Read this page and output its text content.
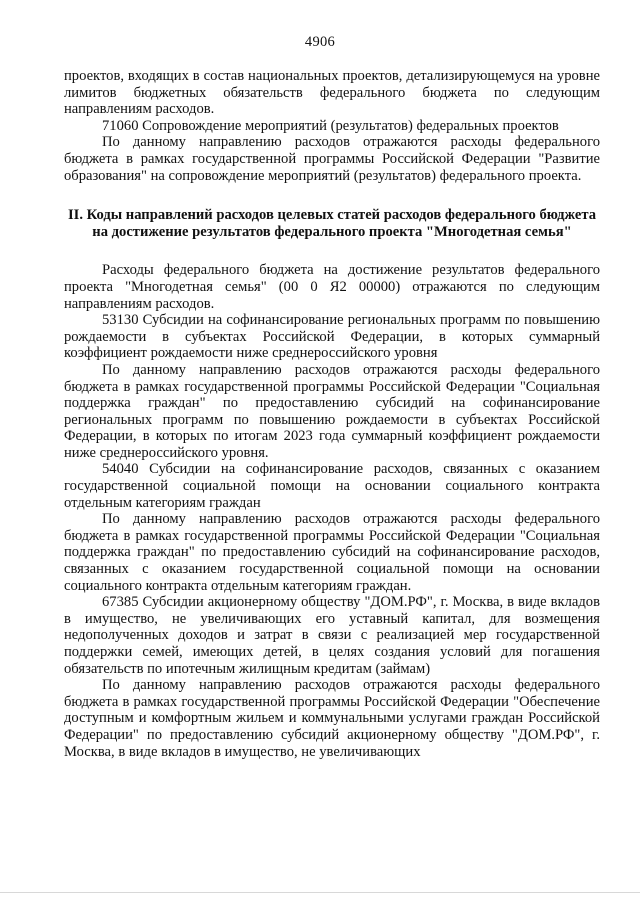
4906

проектов, входящих в состав национальных проектов, детализирующемуся на уровне лимитов бюджетных обязательств федерального бюджета по следующим направлениям расходов.

71060 Сопровождение мероприятий (результатов) федеральных проектов

По данному направлению расходов отражаются расходы федерального бюджета в рамках государственной программы Российской Федерации "Развитие образования" на сопровождение мероприятий (результатов) федерального проекта.

II. Коды направлений расходов целевых статей расходов федерального бюджета на достижение результатов федерального проекта "Многодетная семья"

Расходы федерального бюджета на достижение результатов федерального проекта "Многодетная семья" (00 0 Я2 00000) отражаются по следующим направлениям расходов.

53130 Субсидии на софинансирование региональных программ по повышению рождаемости в субъектах Российской Федерации, в которых суммарный коэффициент рождаемости ниже среднероссийского уровня

По данному направлению расходов отражаются расходы федерального бюджета в рамках государственной программы Российской Федерации "Социальная поддержка граждан" по предоставлению субсидий на софинансирование региональных программ по повышению рождаемости в субъектах Российской Федерации, в которых по итогам 2023 года суммарный коэффициент рождаемости ниже среднероссийского уровня.

54040 Субсидии на софинансирование расходов, связанных с оказанием государственной социальной помощи на основании социального контракта отдельным категориям граждан

По данному направлению расходов отражаются расходы федерального бюджета в рамках государственной программы Российской Федерации "Социальная поддержка граждан" по предоставлению субсидий на софинансирование расходов, связанных с оказанием государственной социальной помощи на основании социального контракта отдельным категориям граждан.

67385 Субсидии акционерному обществу "ДОМ.РФ", г. Москва, в виде вкладов в имущество, не увеличивающих его уставный капитал, для возмещения недополученных доходов и затрат в связи с реализацией мер государственной поддержки семей, имеющих детей, в целях создания условий для погашения обязательств по ипотечным жилищным кредитам (займам)

По данному направлению расходов отражаются расходы федерального бюджета в рамках государственной программы Российской Федерации "Обеспечение доступным и комфортным жильем и коммунальными услугами граждан Российской Федерации" по предоставлению субсидий акционерному обществу "ДОМ.РФ", г. Москва, в виде вкладов в имущество, не увеличивающих
